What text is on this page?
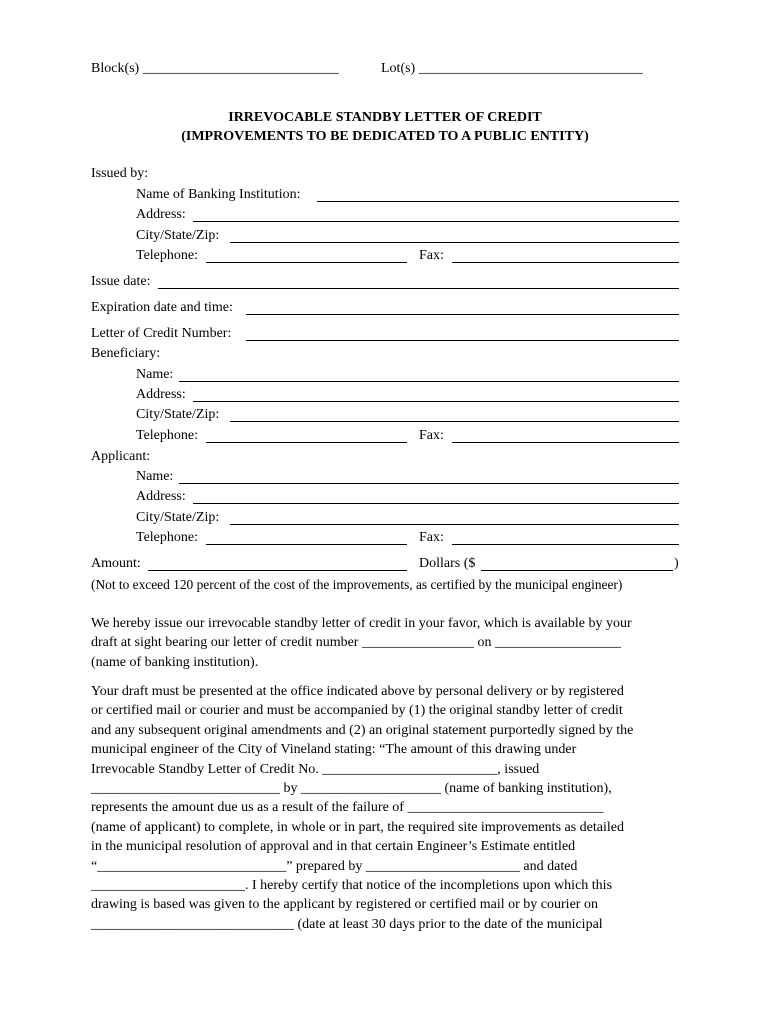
Block(s) ____________________________	Lot(s) ________________________________
IRREVOCABLE STANDBY LETTER OF CREDIT
(IMPROVEMENTS TO BE DEDICATED TO A PUBLIC ENTITY)
Issued by:
Name of Banking Institution:
Address:
City/State/Zip:
Telephone:	Fax:
Issue date:
Expiration date and time:
Letter of Credit Number:
Beneficiary:
Name:
Address:
City/State/Zip:
Telephone:	Fax:
Applicant:
Name:
Address:
City/State/Zip:
Telephone:	Fax:
Amount:	Dollars ($	)
(Not to exceed 120 percent of the cost of the improvements, as certified by the municipal engineer)
We hereby issue our irrevocable standby letter of credit in your favor, which is available by your
draft at sight bearing our letter of credit number ________________ on __________________
(name of banking institution).
Your draft must be presented at the office indicated above by personal delivery or by registered
or certified mail or courier and must be accompanied by (1) the original standby letter of credit
and any subsequent original amendments and (2) an original statement purportedly signed by the
municipal engineer of the City of Vineland stating: “The amount of this drawing under
Irrevocable Standby Letter of Credit No. _________________________, issued
___________________________ by ____________________ (name of banking institution),
represents the amount due us as a result of the failure of ____________________________
(name of applicant) to complete, in whole or in part, the required site improvements as detailed
in the municipal resolution of approval and in that certain Engineer’s Estimate entitled
“___________________________” prepared by ______________________ and dated
______________________. I hereby certify that notice of the incompletions upon which this
drawing is based was given to the applicant by registered or certified mail or by courier on
_____________________________ (date at least 30 days prior to the date of the municipal
